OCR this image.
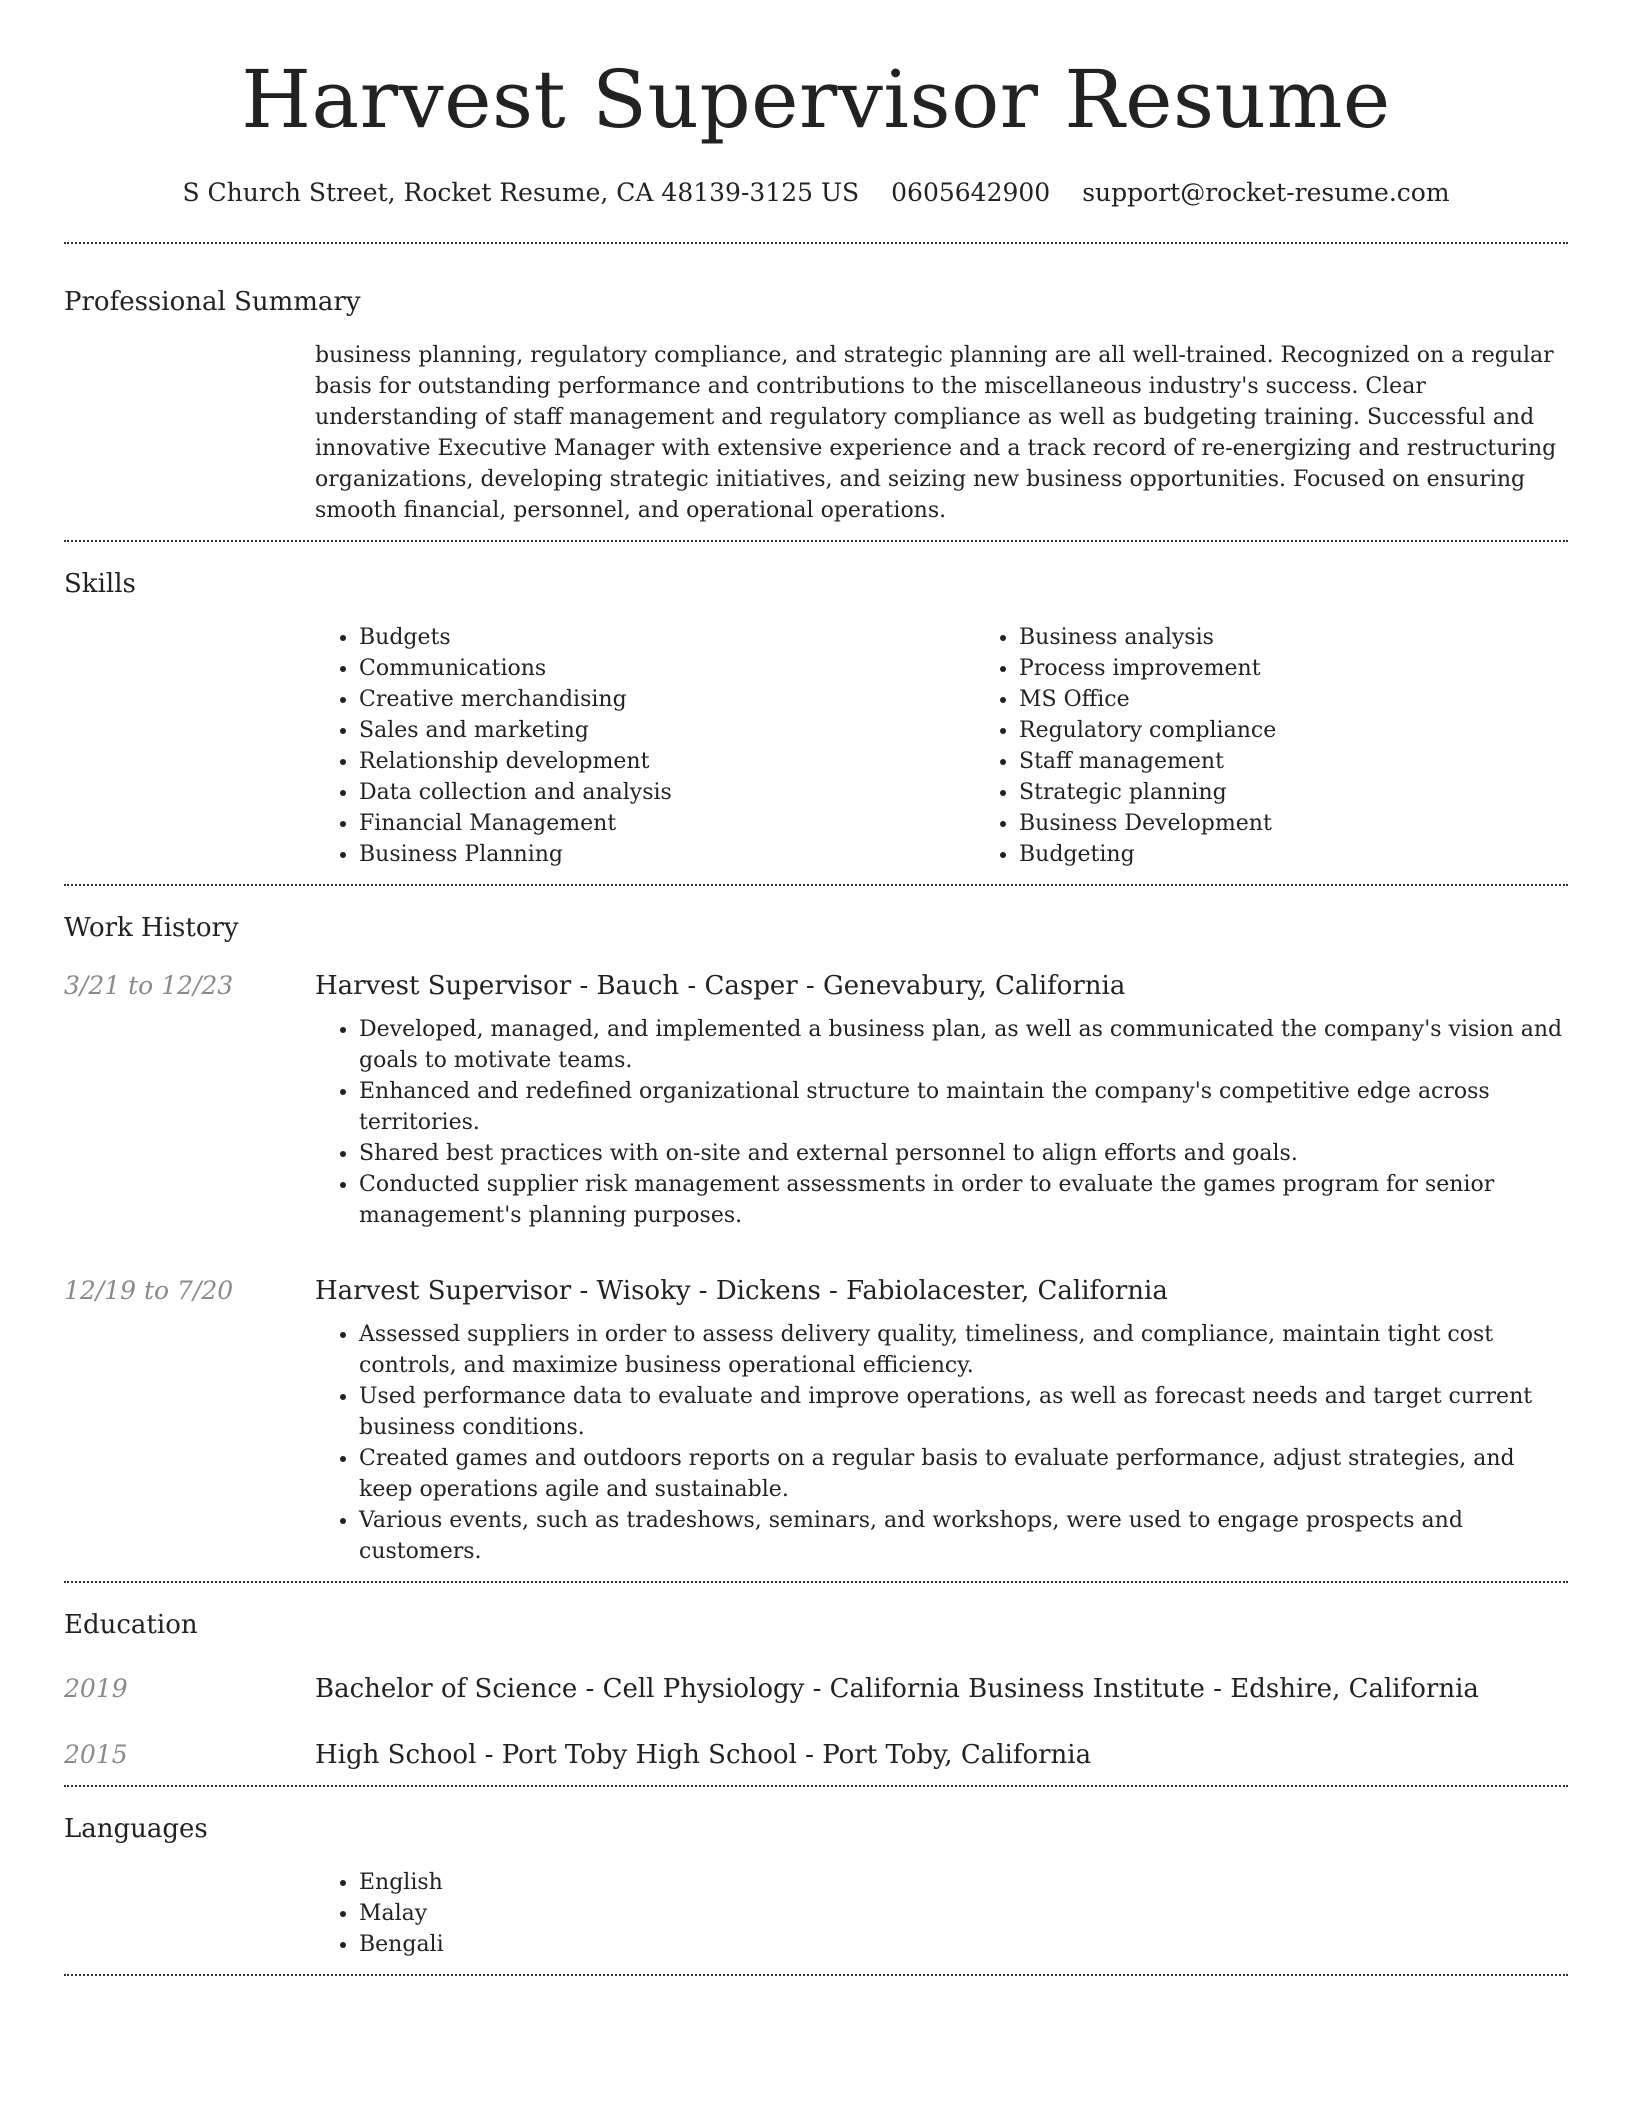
Harvest Supervisor Resume
S Church Street, Rocket Resume, CA 48139-3125 US 0605642900 support@rocket-resume.com
Professional Summary

business planning, regulatory compliance, and strategic planning are all well-trained. Recognized on a regular basis for outstanding performance and contributions to the miscellaneous industry's success. Clear understanding of staff management and regulatory compliance as well as budgeting training. Successful and innovative Executive Manager with extensive experience and a track record of re-energizing and restructuring organizations, developing strategic initiatives, and seizing new business opportunities. Focused on ensuring smooth financial, personnel, and operational operations.

Skills
• Budgets
• Communications
• Creative merchandising
• Sales and marketing
• Relationship development
• Data collection and analysis
• Financial Management
• Business Planning
• Business analysis
• Process improvement
• MS Office
• Regulatory compliance
• Staff management
• Strategic planning
• Business Development
• Budgeting
Work History
3/21 to 12/23	Harvest Supervisor - Bauch - Casper - Genevabury, California
• Developed, managed, and implemented a business plan, as well as communicated the company's vision and goals to motivate teams.
• Enhanced and redefined organizational structure to maintain the company's competitive edge across territories.
• Shared best practices with on-site and external personnel to align efforts and goals.
• Conducted supplier risk management assessments in order to evaluate the games program for senior management's planning purposes.
12/19 to 7/20	Harvest Supervisor - Wisoky - Dickens - Fabiolacester, California
• Assessed suppliers in order to assess delivery quality, timeliness, and compliance, maintain tight cost controls, and maximize business operational efficiency.
• Used performance data to evaluate and improve operations, as well as forecast needs and target current business conditions.
• Created games and outdoors reports on a regular basis to evaluate performance, adjust strategies, and keep operations agile and sustainable.
• Various events, such as tradeshows, seminars, and workshops, were used to engage prospects and customers.
Education
2019	Bachelor of Science - Cell Physiology - California Business Institute - Edshire, California
2015	High School - Port Toby High School - Port Toby, California
Languages
• English
• Malay
• Bengali
